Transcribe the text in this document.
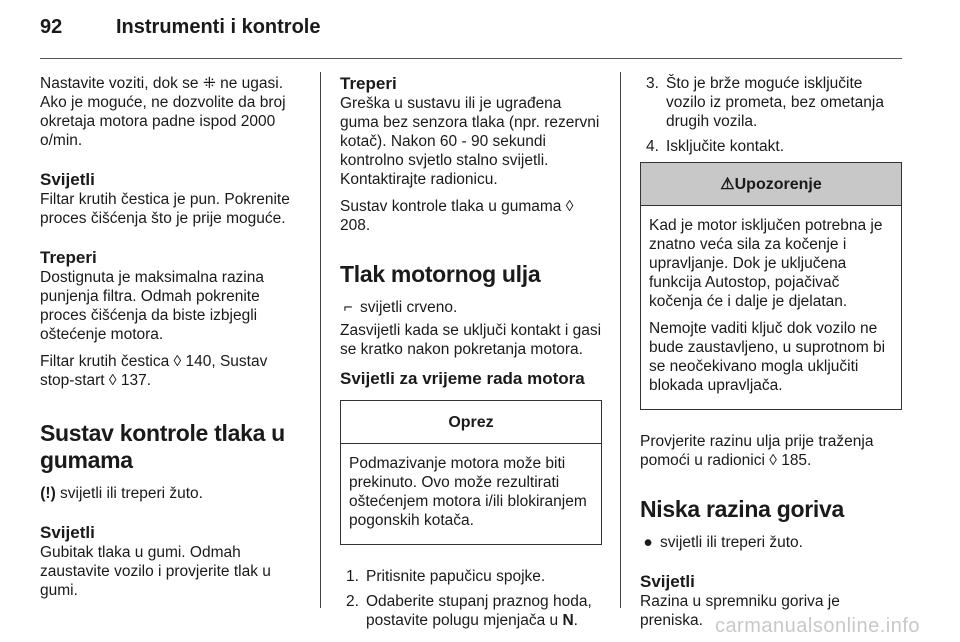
92	Instrumenti i kontrole

Nastavite voziti, dok se ⁜ ne ugasi. Ako je moguće, ne dozvolite da broj okretaja motora padne ispod 2000 o/min.

Svijetli

Filtar krutih čestica je pun. Pokrenite proces čišćenja što je prije moguće.

Treperi

Dostignuta je maksimalna razina punjenja filtra. Odmah pokrenite proces čišćenja da biste izbjegli oštećenje motora.

Filtar krutih čestica ◊ 140, Sustav stop-start ◊ 137.

Sustav kontrole tlaka u gumama

(!) svijetli ili treperi žuto.

Svijetli

Gubitak tlaka u gumi. Odmah zaustavite vozilo i provjerite tlak u gumi.

Treperi

Greška u sustavu ili je ugrađena guma bez senzora tlaka (npr. rezervni kotač). Nakon 60 - 90 sekundi kontrolno svjetlo stalno svijetli. Kontaktirajte radionicu.

Sustav kontrole tlaka u gumama ◊ 208.

Tlak motornog ulja

⌐ svijetli crveno.

Zasvijetli kada se uključi kontakt i gasi se kratko nakon pokretanja motora.

Svijetli za vrijeme rada motora
Oprez

Podmazivanje motora može biti prekinuto. Ovo može rezultirati oštećenjem motora i/ili blokiranjem pogonskih kotača.

1. Pritisnite papučicu spojke.
2. Odaberite stupanj praznog hoda, postavite polugu mjenjača u N.
3. Što je brže moguće isključite vozilo iz prometa, bez ometanja drugih vozila.
4. Isključite kontakt.
⚠Upozorenje

Kad je motor isključen potrebna je znatno veća sila za kočenje i upravljanje. Dok je uključena funkcija Autostop, pojačivač kočenja će i dalje je djelatan.

Nemojte vaditi ključ dok vozilo ne bude zaustavljeno, u suprotnom bi se neočekivano mogla uključiti blokada upravljača.

Provjerite razinu ulja prije traženja pomoći u radionici ◊ 185.

Niska razina goriva

● svijetli ili treperi žuto.

Svijetli

Razina u spremniku goriva je preniska. carmanualsonline.info
